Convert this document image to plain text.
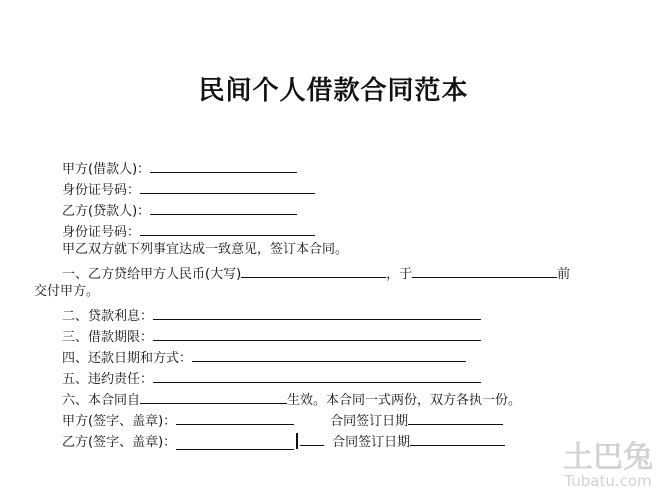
民间个人借款合同范本
甲方(借款人)：
身份证号码：
乙方(贷款人)：
身份证号码：
甲乙双方就下列事宜达成一致意见，签订本合同。
一、乙方贷给甲方人民币(大写)	，于	前
交付甲方。
二、贷款利息：
三、借款期限：
四、还款日期和方式：
五、违约责任：
六、本合同自	生效。本合同一式两份，双方各执一份。
甲方(签字、盖章)：	合同签订日期
乙方(签字、盖章)：	合同签订日期	土巴兔
Tubatu.com
